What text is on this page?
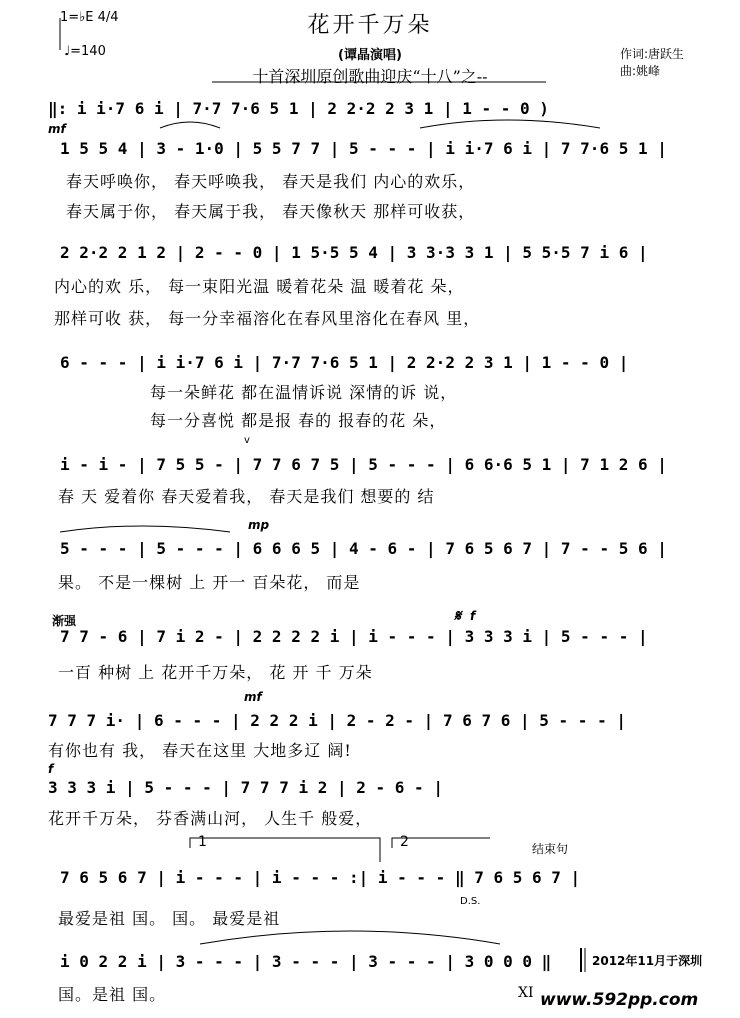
花开千万朵
1=♭E 4/4
♩=140	(谭晶演唱)
十首深圳原创歌曲迎庆“十八”之--
作词:唐跃生
曲:姚峰
‖: i i·7 6 i | 7·7 7·6 5 1 | 2 2·2 2 3 1 | 1 - - 0 )
mf
1 5 5 4 | 3 - 1·0 | 5 5 7 7 | 5 - - - | i i·7 6 i | 7 7·6 5 1 |
春天呼唤你， 春天呼唤我， 春天是我们 内心的欢乐，
春天属于你， 春天属于我， 春天像秋天 那样可收获，
2 2·2 2 1 2 | 2 - - 0 | 1 5·5 5 4 | 3 3·3 3 1 | 5 5·5 7 i 6 |
内心的欢 乐， 每一束阳光温 暖着花朵 温 暖着花 朵，
那样可收 获， 每一分幸福溶化在春风里溶化在春风 里，
6 - - - | i i·7 6 i | 7·7 7·6 5 1 | 2 2·2 2 3 1 | 1 - - 0 |
每一朵鲜花 都在温情诉说 深情的诉 说，
每一分喜悦 都是报 春的 报春的花 朵，
v
i - i - | 7 5 5 - | 7 7 6 7 5 | 5 - - - | 6 6·6 5 1 | 7 1 2 6 |
春 天 爱着你 春天爱着我， 春天是我们 想要的 结
mp
5 - - - | 5 - - - | 6 6 6 5 | 4 - 6 - | 7 6 5 6 7 | 7 - - 5 6 |
果。 不是一棵树 上 开一 百朵花， 而是
渐强	𝄋 f
7 7 - 6 | 7 i 2 - | 2 2 2 2 i | i - - - | 3 3 3 i | 5 - - - |
一百 种树 上 花开千万朵， 花 开 千 万朵
mf
7 7 7 i· | 6 - - - | 2 2 2 i | 2 - 2 - | 7 6 7 6 | 5 - - - |
有你也有 我， 春天在这里 大地多辽 阔!
f
3 3 3 i | 5 - - - | 7 7 7 i 2 | 2 - 6 - |
花开千万朵， 芬香满山河， 人生千 般爱，
1	2	结束句
7 6 5 6 7 | i - - - | i - - - :| i - - - ‖ 7 6 5 6 7 |
D.S.
最爱是祖 国。 国。 最爱是祖
i 0 2 2 i | 3 - - - | 3 - - - | 3 - - - | 3 0 0 0 ‖
国。是祖 国。
2012年11月于深圳
XI www.592pp.com
